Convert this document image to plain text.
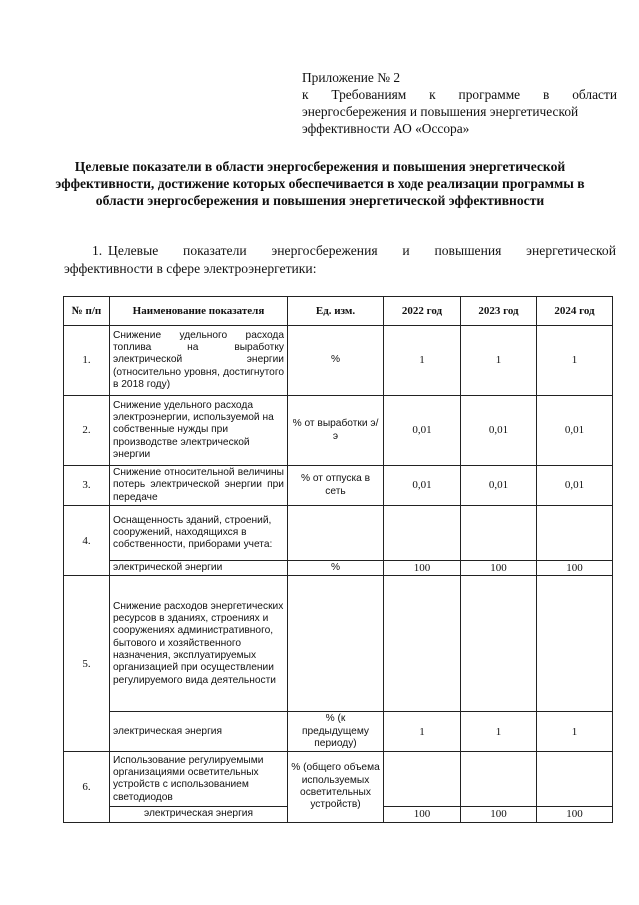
Приложение № 2
к Требованиям к программе в области
энергосбережения и повышения энергетической
эффективности АО «Оссора»
Целевые показатели в области энергосбережения и повышения энергетической эффективности, достижение которых обеспечивается в ходе реализации программы в области энергосбережения и повышения энергетической эффективности
1. Целевые показатели энергосбережения и повышения энергетической
эффективности в сфере электроэнергетики:
№ п/п	Наименование показателя	Ед. изм.	2022 год	2023 год	2024 год
1.	Снижение удельного расхода топлива на выработку электрической энергии (относительно уровня, достигнутого в 2018 году)	%	1	1	1
2.	Снижение удельного расхода электроэнергии, используемой на собственные нужды при производстве электрической энергии	% от выработки э/э	0,01	0,01	0,01
3.	Снижение относительной величины потерь электрической энергии при передаче	% от отпуска в сеть	0,01	0,01	0,01
4.	Оснащенность зданий, строений, сооружений, находящихся в собственности, приборами учета:				
	электрической энергии	%	100	100	100
5.	Снижение расходов энергетических ресурсов в зданиях, строениях и сооружениях административного, бытового и хозяйственного назначения, эксплуатируемых организацией при осуществлении регулируемого вида деятельности				
	электрическая энергия	% (к предыдущему периоду)	1	1	1
6.	Использование регулируемыми организациями осветительных устройств с использованием светодиодов	% (общего объема используемых осветительных устройств)			
	электрическая энергия		100	100	100
